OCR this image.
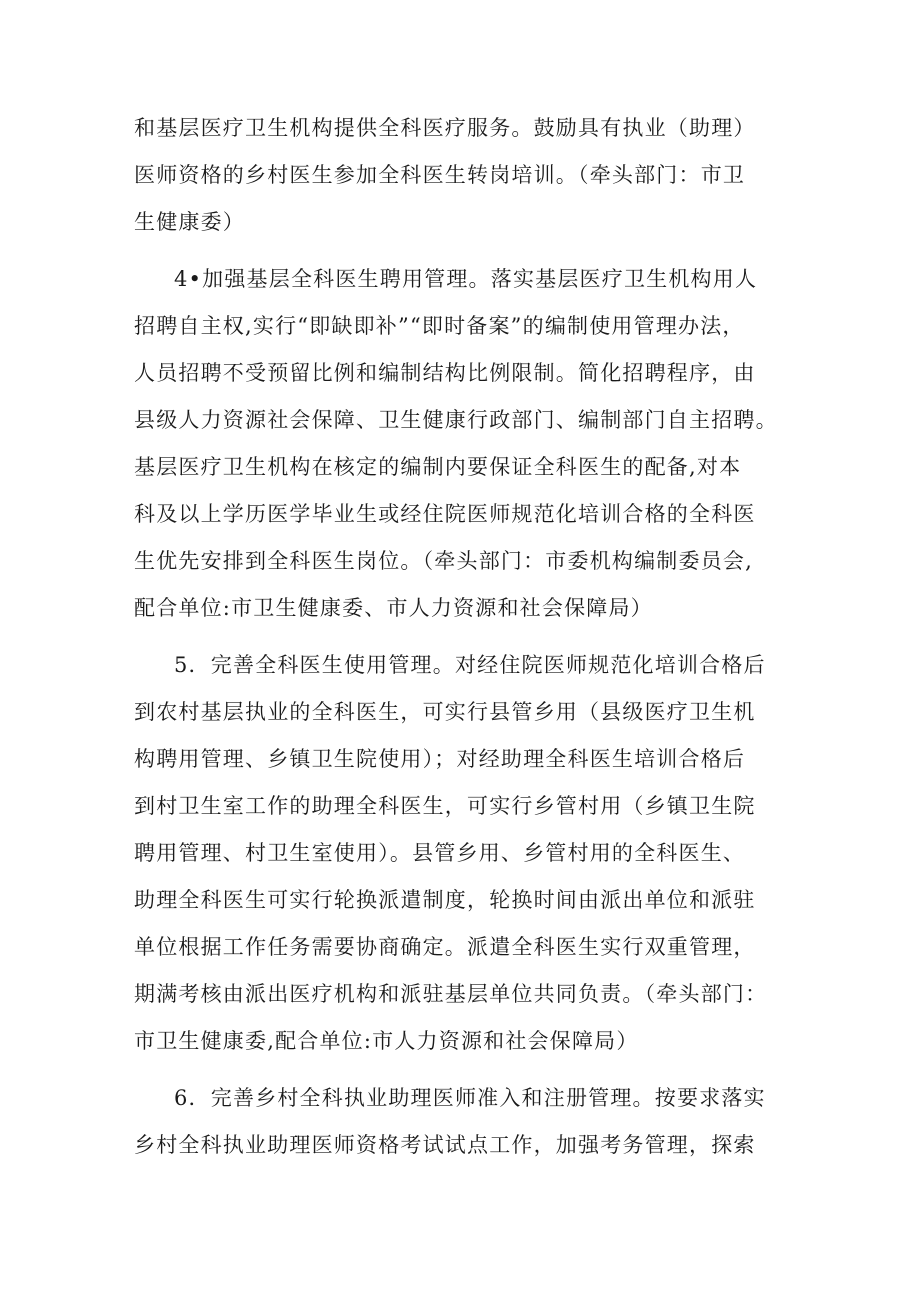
和基层医疗卫生机构提供全科医疗服务。鼓励具有执业（助理）
医师资格的乡村医生参加全科医生转岗培训。（牵头部门：市卫
生健康委）
4•加强基层全科医生聘用管理。落实基层医疗卫生机构用人
招聘自主权,实行“即缺即补”“即时备案”的编制使用管理办法，
人员招聘不受预留比例和编制结构比例限制。简化招聘程序，由
县级人力资源社会保障、卫生健康行政部门、编制部门自主招聘。
基层医疗卫生机构在核定的编制内要保证全科医生的配备,对本
科及以上学历医学毕业生或经住院医师规范化培训合格的全科医
生优先安排到全科医生岗位。（牵头部门：市委机构编制委员会,
配合单位:市卫生健康委、市人力资源和社会保障局）
5．完善全科医生使用管理。对经住院医师规范化培训合格后
到农村基层执业的全科医生，可实行县管乡用（县级医疗卫生机
构聘用管理、乡镇卫生院使用）；对经助理全科医生培训合格后
到村卫生室工作的助理全科医生，可实行乡管村用（乡镇卫生院
聘用管理、村卫生室使用）。县管乡用、乡管村用的全科医生、
助理全科医生可实行轮换派遣制度，轮换时间由派出单位和派驻
单位根据工作任务需要协商确定。派遣全科医生实行双重管理，
期满考核由派出医疗机构和派驻基层单位共同负责。（牵头部门：
市卫生健康委,配合单位:市人力资源和社会保障局）
6．完善乡村全科执业助理医师准入和注册管理。按要求落实
乡村全科执业助理医师资格考试试点工作，加强考务管理，探索
